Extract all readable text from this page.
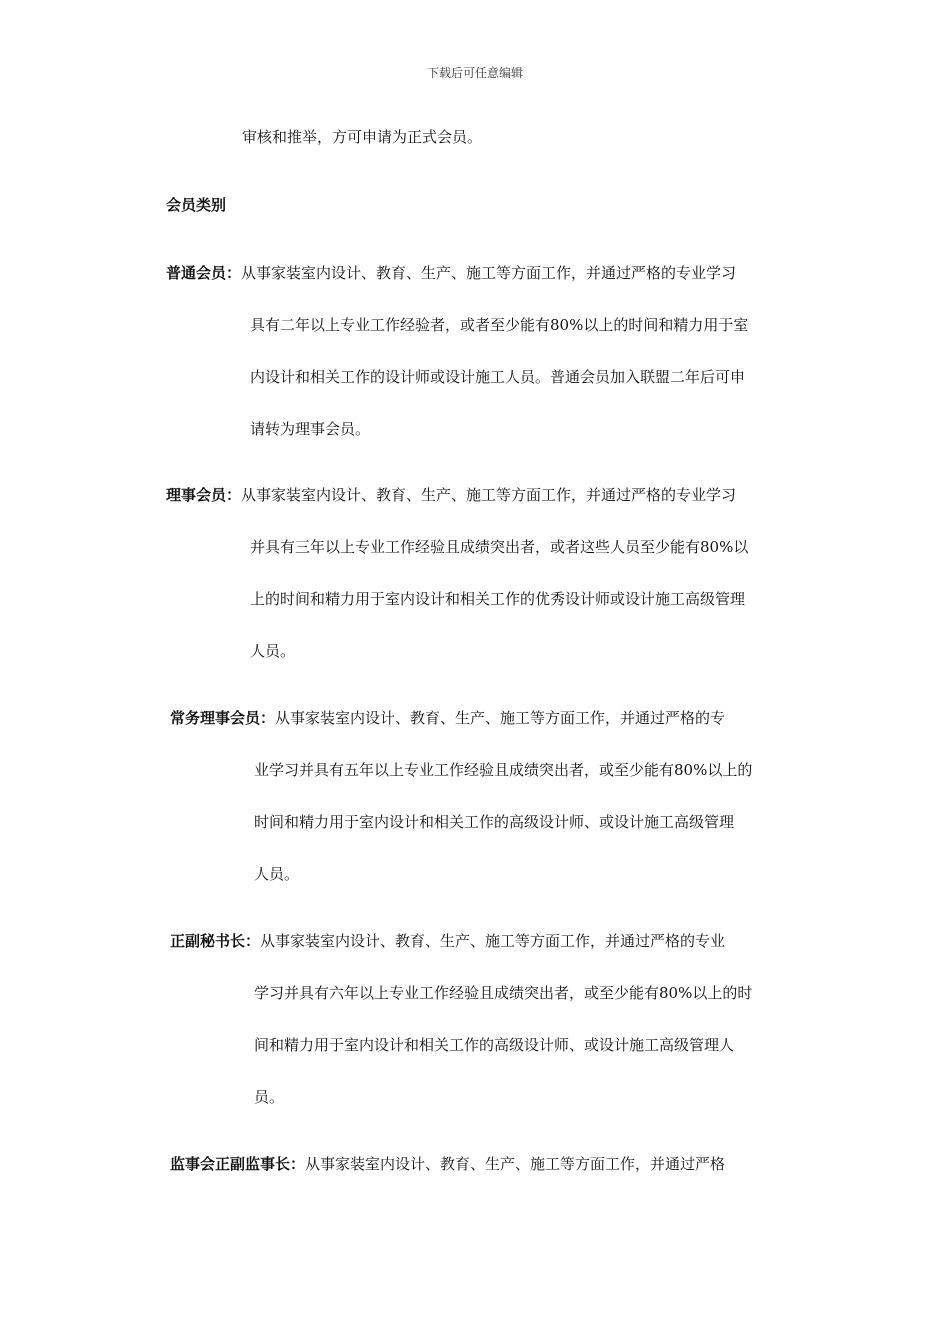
下载后可任意编辑
审核和推举，方可申请为正式会员。
会员类别
普通会员：从事家装室内设计、教育、生产、施工等方面工作，并通过严格的专业学习
具有二年以上专业工作经验者，或者至少能有80%以上的时间和精力用于室
内设计和相关工作的设计师或设计施工人员。普通会员加入联盟二年后可申
请转为理事会员。
理事会员：从事家装室内设计、教育、生产、施工等方面工作，并通过严格的专业学习
并具有三年以上专业工作经验且成绩突出者，或者这些人员至少能有80%以
上的时间和精力用于室内设计和相关工作的优秀设计师或设计施工高级管理
人员。
常务理事会员：从事家装室内设计、教育、生产、施工等方面工作，并通过严格的专
业学习并具有五年以上专业工作经验且成绩突出者，或至少能有80%以上的
时间和精力用于室内设计和相关工作的高级设计师、或设计施工高级管理
人员。
正副秘书长：从事家装室内设计、教育、生产、施工等方面工作，并通过严格的专业
学习并具有六年以上专业工作经验且成绩突出者，或至少能有80%以上的时
间和精力用于室内设计和相关工作的高级设计师、或设计施工高级管理人
员。
监事会正副监事长：从事家装室内设计、教育、生产、施工等方面工作，并通过严格
